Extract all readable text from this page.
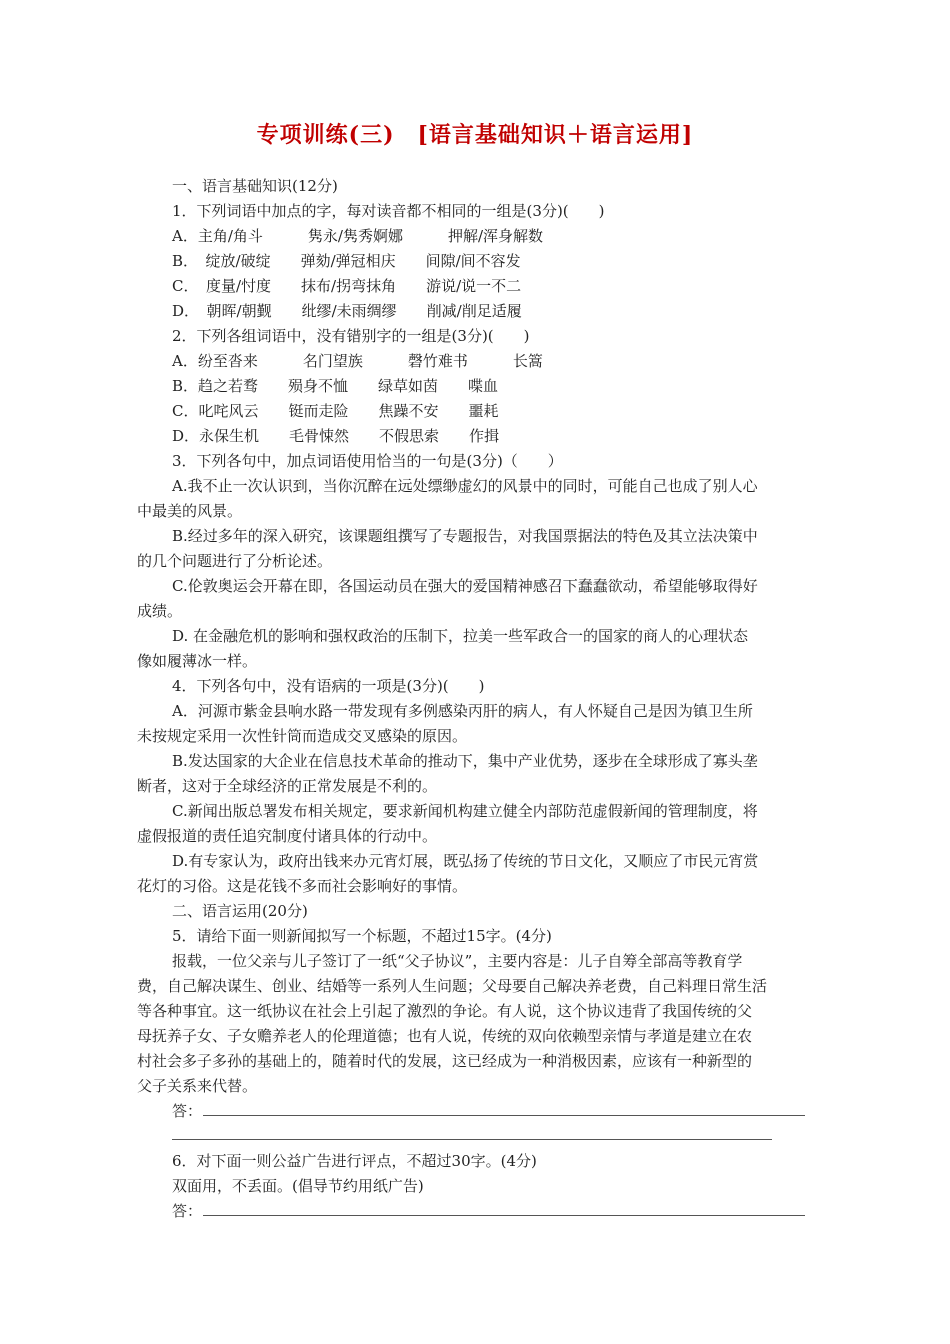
专项训练(三)　[语言基础知识＋语言运用]
一、语言基础知识(12分)
1．下列词语中加点的字，每对读音都不相同的一组是(3分)(　　)
A．主角/角斗　　　隽永/隽秀婀娜　　　押解/浑身解数
B．　绽放/破绽　　弹劾/弹冠相庆　　间隙/间不容发
C．　度量/忖度　　抹布/拐弯抹角　　游说/说一不二
D．　朝晖/朝觐　　纰缪/未雨绸缪　　削减/削足适履
2．下列各组词语中，没有错别字的一组是(3分)(　　)
A．纷至沓来　　　名门望族　　　磬竹难书　　　长篙
B．趋之若骛　　殒身不恤　　绿草如茵　　喋血
C．叱咤风云　　铤而走险　　焦躁不安　　噩耗
D．永保生机　　毛骨悚然　　不假思索　　作揖
3．下列各句中，加点词语使用恰当的一句是(3分)（　　）
A.我不止一次认识到，当你沉醉在远处缥缈虚幻的风景中的同时，可能自己也成了别人心
中最美的风景。
B.经过多年的深入研究，该课题组撰写了专题报告，对我国票据法的特色及其立法决策中
的几个问题进行了分析论述。
C.伦敦奥运会开幕在即，各国运动员在强大的爱国精神感召下蠢蠢欲动，希望能够取得好
成绩。
D. 在金融危机的影响和强权政治的压制下，拉美一些军政合一的国家的商人的心理状态
像如履薄冰一样。
4．下列各句中，没有语病的一项是(3分)(　　)
A．河源市紫金县响水路一带发现有多例感染丙肝的病人，有人怀疑自己是因为镇卫生所
未按规定采用一次性针筒而造成交叉感染的原因。
B.发达国家的大企业在信息技术革命的推动下，集中产业优势，逐步在全球形成了寡头垄
断者，这对于全球经济的正常发展是不利的。
C.新闻出版总署发布相关规定，要求新闻机构建立健全内部防范虚假新闻的管理制度，将
虚假报道的责任追究制度付诸具体的行动中。
D.有专家认为，政府出钱来办元宵灯展，既弘扬了传统的节日文化，又顺应了市民元宵赏
花灯的习俗。这是花钱不多而社会影响好的事情。
二、语言运用(20分)
5．请给下面一则新闻拟写一个标题，不超过15字。(4分)
报载，一位父亲与儿子签订了一纸“父子协议”，主要内容是：儿子自筹全部高等教育学
费，自己解决谋生、创业、结婚等一系列人生问题；父母要自己解决养老费，自己料理日常生活
等各种事宜。这一纸协议在社会上引起了激烈的争论。有人说，这个协议违背了我国传统的父
母抚养子女、子女赡养老人的伦理道德；也有人说，传统的双向依赖型亲情与孝道是建立在农
村社会多子多孙的基础上的，随着时代的发展，这已经成为一种消极因素，应该有一种新型的
父子关系来代替。
答：
6．对下面一则公益广告进行评点，不超过30字。(4分)
双面用，不丢面。(倡导节约用纸广告)
答：
